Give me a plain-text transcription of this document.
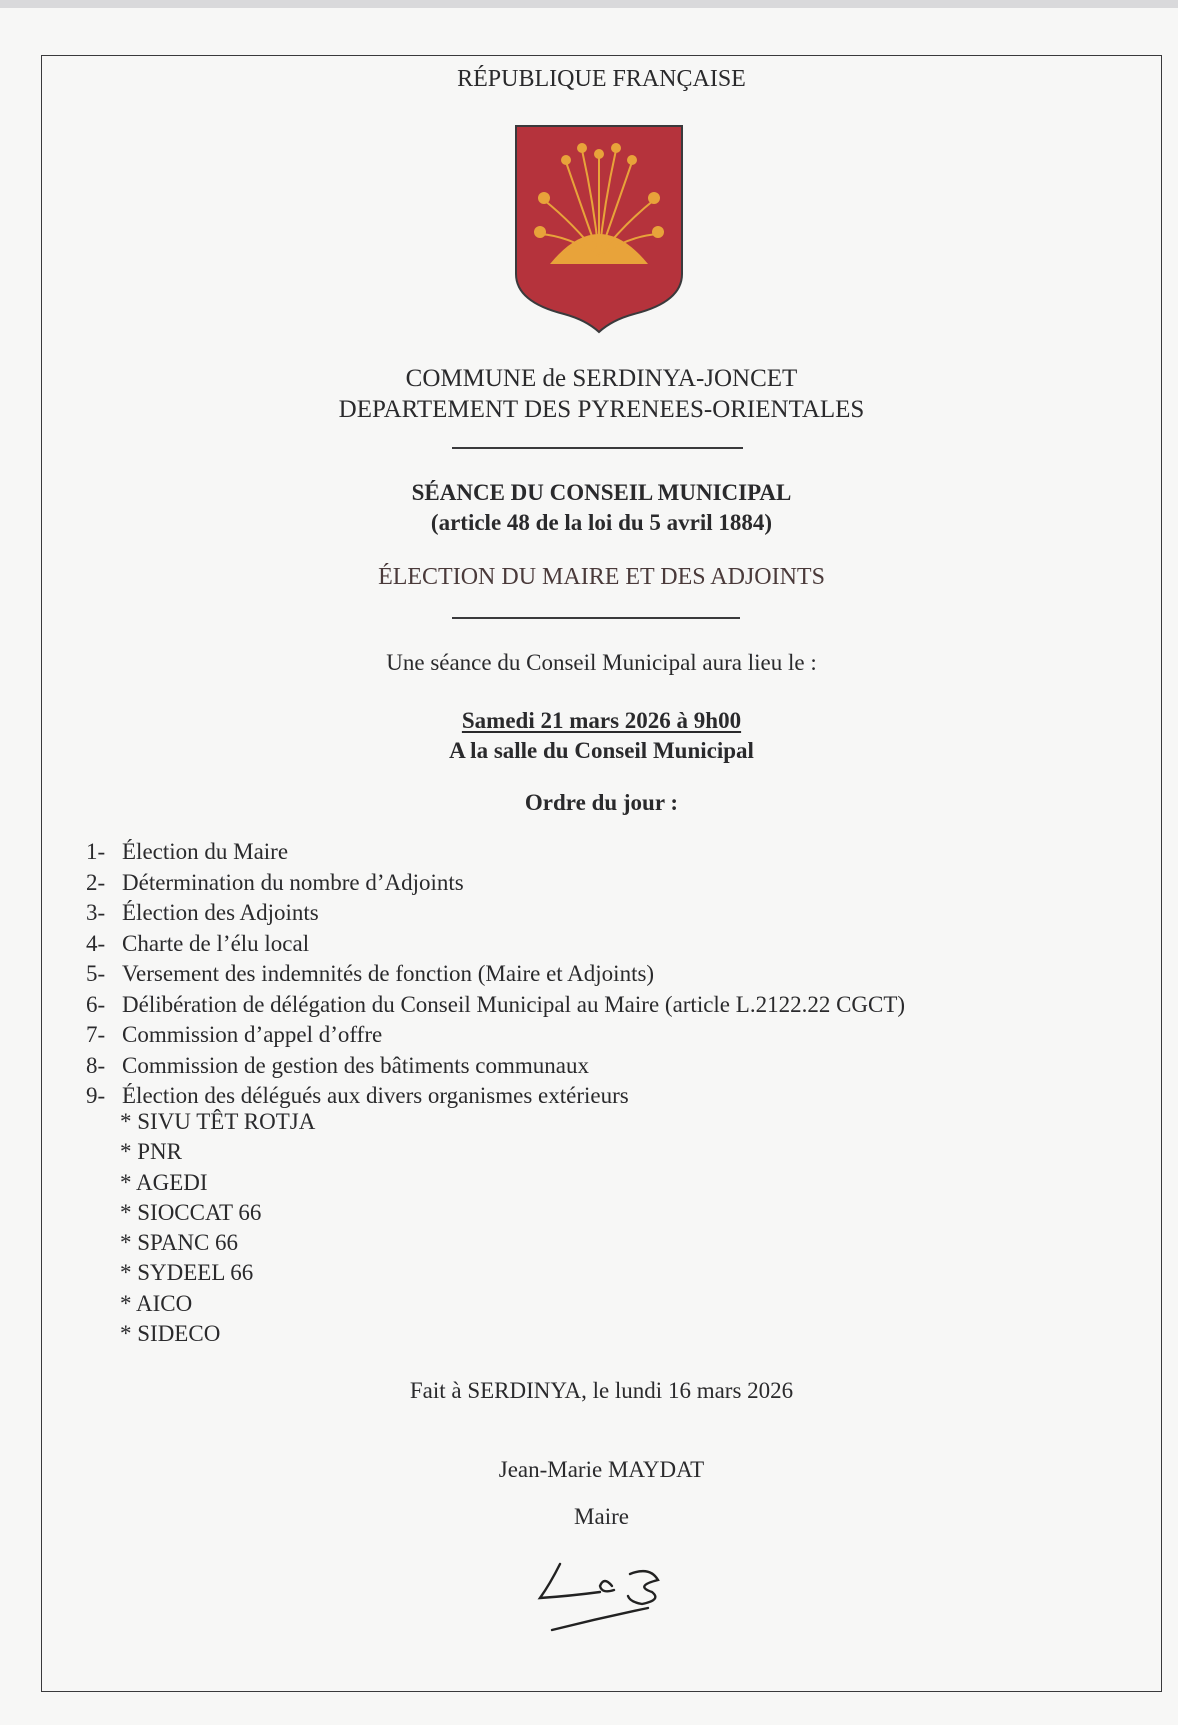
RÉPUBLIQUE FRANÇAISE
COMMUNE de SERDINYA-JONCET
DEPARTEMENT DES PYRENEES-ORIENTALES
SÉANCE DU CONSEIL MUNICIPAL
(article 48 de la loi du 5 avril 1884)
ÉLECTION DU MAIRE ET DES ADJOINTS
Une séance du Conseil Municipal aura lieu le :
Samedi 21 mars 2026 à 9h00
A la salle du Conseil Municipal
Ordre du jour :
1- Élection du Maire
2- Détermination du nombre d’Adjoints
3- Élection des Adjoints
4- Charte de l’élu local
5- Versement des indemnités de fonction (Maire et Adjoints)
6- Délibération de délégation du Conseil Municipal au Maire (article L.2122.22 CGCT)
7- Commission d’appel d’offre
8- Commission de gestion des bâtiments communaux
9- Élection des délégués aux divers organismes extérieurs
* SIVU TÊT ROTJA
* PNR
* AGEDI
* SIOCCAT 66
* SPANC 66
* SYDEEL 66
* AICO
* SIDECO
Fait à SERDINYA, le lundi 16 mars 2026
Jean-Marie MAYDAT
Maire
